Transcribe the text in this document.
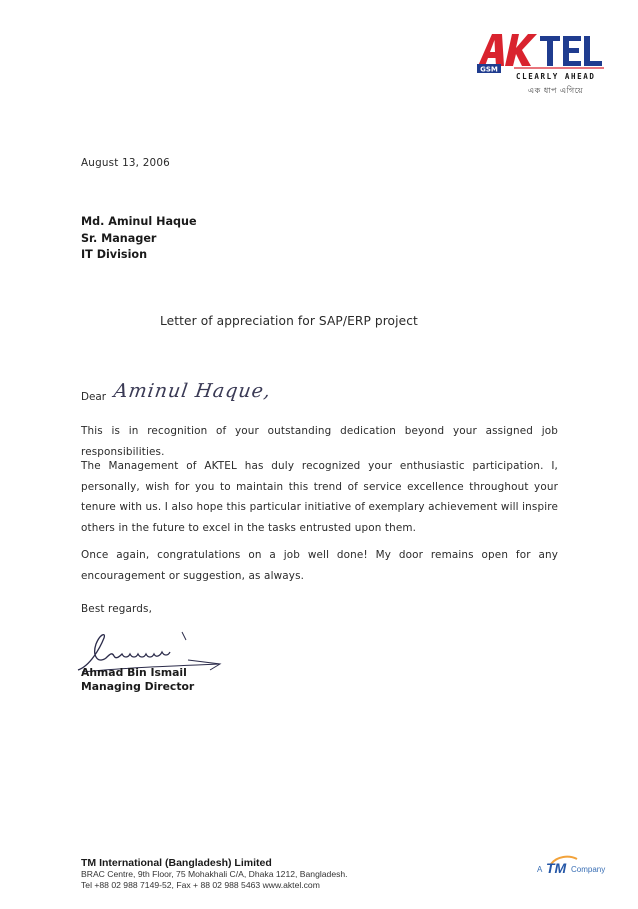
GSM
CLEARLY AHEAD
এক ধাপ এগিয়ে
August 13, 2006
Md. Aminul Haque
Sr. Manager
IT Division
Letter of appreciation for SAP/ERP project
Dear Aminul Haque,
This is in recognition of your outstanding dedication beyond your assigned job responsibilities.
The Management of AKTEL has duly recognized your enthusiastic participation. I, personally, wish for you to maintain this trend of service excellence throughout your tenure with us. I also hope this particular initiative of exemplary achievement will inspire others in the future to excel in the tasks entrusted upon them.
Once again, congratulations on a job well done! My door remains open for any encouragement or suggestion, as always.
Best regards,
Ahmad Bin Ismail
Managing Director
TM International (Bangladesh) Limited
BRAC Centre, 9th Floor, 75 Mohakhali C/A, Dhaka 1212, Bangladesh.
Tel +88 02 988 7149-52, Fax + 88 02 988 5463 www.aktel.com
A TM Company
